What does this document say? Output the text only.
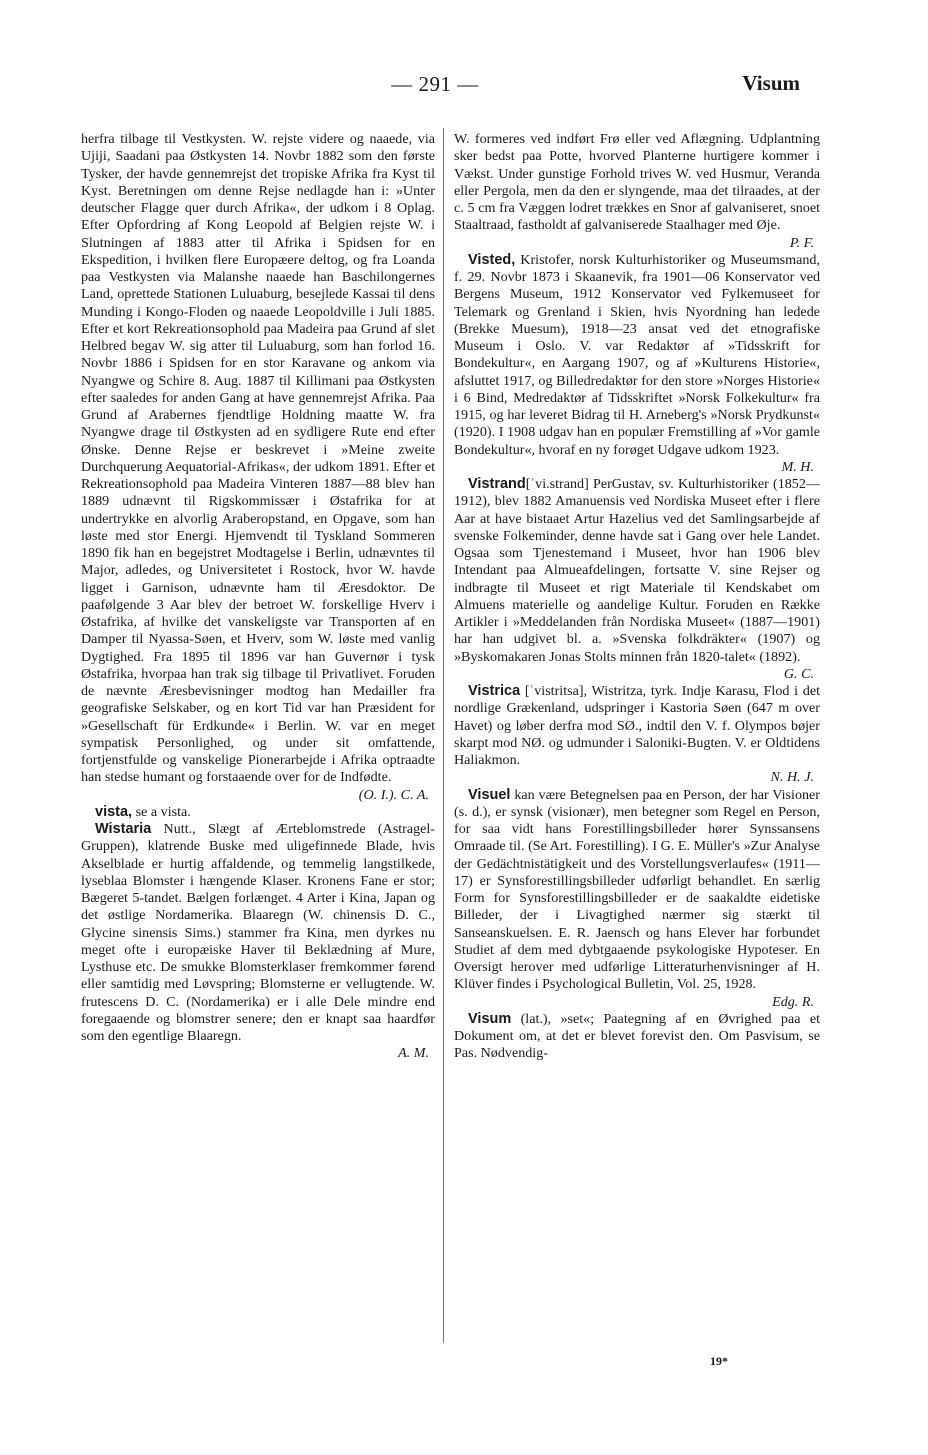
— 291 —	Visum

herfra tilbage til Vestkysten. W. rejste videre og naaede, via Ujiji, Saadani paa Østkysten 14. Novbr 1882 som den første Tysker, der havde gennemrejst det tropiske Afrika fra Kyst til Kyst. Beretningen om denne Rejse nedlagde han i: »Unter deutscher Flagge quer durch Afrika«, der udkom i 8 Oplag. Efter Opfordring af Kong Leopold af Belgien rejste W. i Slutningen af 1883 atter til Afrika i Spidsen for en Ekspedition, i hvilken flere Europæere deltog, og fra Loanda paa Vestkysten via Malanshe naaede han Baschilongernes Land, oprettede Stationen Luluaburg, besejlede Kassai til dens Munding i Kongo-Floden og naaede Leopoldville i Juli 1885. Efter et kort Rekreationsophold paa Madeira paa Grund af slet Helbred begav W. sig atter til Luluaburg, som han forlod 16. Novbr 1886 i Spidsen for en stor Karavane og ankom via Nyangwe og Schire 8. Aug. 1887 til Killimani paa Østkysten efter saaledes for anden Gang at have gennemrejst Afrika. Paa Grund af Arabernes fjendtlige Holdning maatte W. fra Nyangwe drage til Østkysten ad en sydligere Rute end efter Ønske. Denne Rejse er beskrevet i »Meine zweite Durchquerung Aequatorial-Afrikas«, der udkom 1891. Efter et Rekreationsophold paa Madeira Vinteren 1887—88 blev han 1889 udnævnt til Rigskommissær i Østafrika for at undertrykke en alvorlig Araberopstand, en Opgave, som han løste med stor Energi. Hjemvendt til Tyskland Sommeren 1890 fik han en begejstret Modtagelse i Berlin, udnævntes til Major, adledes, og Universitetet i Rostock, hvor W. havde ligget i Garnison, udnævnte ham til Æresdoktor. De paafølgende 3 Aar blev der betroet W. forskellige Hverv i Østafrika, af hvilke det vanskeligste var Transporten af en Damper til Nyassa-Søen, et Hverv, som W. løste med vanlig Dygtighed. Fra 1895 til 1896 var han Guvernør i tysk Østafrika, hvorpaa han trak sig tilbage til Privatlivet. Foruden de nævnte Æresbevisninger modtog han Medailler fra geografiske Selskaber, og en kort Tid var han Præsident for »Gesellschaft für Erdkunde« i Berlin. W. var en meget sympatisk Personlighed, og under sit omfattende, fortjenstfulde og vanskelige Pionerarbejde i Afrika optraadte han stedse humant og forstaaende over for de Indfødte.

(O. I.). C. A.

vista, se a vista.

Wistaria Nutt., Slægt af Ærteblomstrede (Astragel-Gruppen), klatrende Buske med uligefinnede Blade, hvis Akselblade er hurtig affaldende, og temmelig langstilkede, lyseblaa Blomster i hængende Klaser. Kronens Fane er stor; Bægeret 5-tandet. Bælgen forlænget. 4 Arter i Kina, Japan og det østlige Nordamerika. Blaaregn (W. chinensis D. C., Glycine sinensis Sims.) stammer fra Kina, men dyrkes nu meget ofte i europæiske Haver til Beklædning af Mure, Lysthuse etc. De smukke Blomsterklaser fremkommer førend eller samtidig med Løvspring; Blomsterne er vellugtende. W. frutescens D. C. (Nordamerika) er i alle Dele mindre end foregaaende og blomstrer senere; den er knapt saa haardfør som den egentlige Blaaregn.

A. M.

W. formeres ved indført Frø eller ved Aflægning. Udplantning sker bedst paa Potte, hvorved Planterne hurtigere kommer i Vækst. Under gunstige Forhold trives W. ved Husmur, Veranda eller Pergola, men da den er slyngende, maa det tilraades, at der c. 5 cm fra Væggen lodret trækkes en Snor af galvaniseret, snoet Staaltraad, fastholdt af galvaniserede Staalhager med Øje.

P. F.

Visted, Kristofer, norsk Kulturhistoriker og Museumsmand, f. 29. Novbr 1873 i Skaanevik, fra 1901—06 Konservator ved Bergens Museum, 1912 Konservator ved Fylkemuseet for Telemark og Grenland i Skien, hvis Nyordning han ledede (Brekke Muesum), 1918—23 ansat ved det etnografiske Museum i Oslo. V. var Redaktør af »Tidsskrift for Bondekultur«, en Aargang 1907, og af »Kulturens Historie«, afsluttet 1917, og Billedredaktør for den store »Norges Historie« i 6 Bind, Medredaktør af Tidsskriftet »Norsk Folkekultur« fra 1915, og har leveret Bidrag til H. Arneberg's »Norsk Prydkunst« (1920). I 1908 udgav han en populær Fremstilling af »Vor gamle Bondekultur«, hvoraf en ny forøget Udgave udkom 1923.

M. H.

Vistrand[ˈvi.strand] PerGustav, sv. Kulturhistoriker (1852—1912), blev 1882 Amanuensis ved Nordiska Museet efter i flere Aar at have bistaaet Artur Hazelius ved det Samlingsarbejde af svenske Folkeminder, denne havde sat i Gang over hele Landet. Ogsaa som Tjenestemand i Museet, hvor han 1906 blev Intendant paa Almueafdelingen, fortsatte V. sine Rejser og indbragte til Museet et rigt Materiale til Kendskabet om Almuens materielle og aandelige Kultur. Foruden en Række Artikler i »Meddelanden från Nordiska Museet« (1887—1901) har han udgivet bl. a. »Svenska folkdräkter« (1907) og »Byskomakaren Jonas Stolts minnen från 1820-talet« (1892).

G. C.

Vistrica [ˈvistritsa], Wistritza, tyrk. Indje Karasu, Flod i det nordlige Grækenland, udspringer i Kastoria Søen (647 m over Havet) og løber derfra mod SØ., indtil den V. f. Olympos bøjer skarpt mod NØ. og udmunder i Saloniki-Bugten. V. er Oldtidens Haliakmon.

N. H. J.

Visuel kan være Betegnelsen paa en Person, der har Visioner (s. d.), er synsk (visionær), men betegner som Regel en Person, for saa vidt hans Forestillingsbilleder hører Synssansens Omraade til. (Se Art. Forestilling). I G. E. Müller's »Zur Analyse der Gedächtnistätigkeit und des Vorstellungsverlaufes« (1911—17) er Synsforestillingsbilleder udførligt behandlet. En særlig Form for Synsforestillingsbilleder er de saakaldte eidetiske Billeder, der i Livagtighed nærmer sig stærkt til Sanseanskuelsen. E. R. Jaensch og hans Elever har forbundet Studiet af dem med dybtgaaende psykologiske Hypoteser. En Oversigt herover med udførlige Litteraturhenvisninger af H. Klüver findes i Psychological Bulletin, Vol. 25, 1928.

Edg. R.

Visum (lat.), »set«; Paategning af en Øvrighed paa et Dokument om, at det er blevet forevist den. Om Pasvisum, se Pas. Nødvendig-

19*
